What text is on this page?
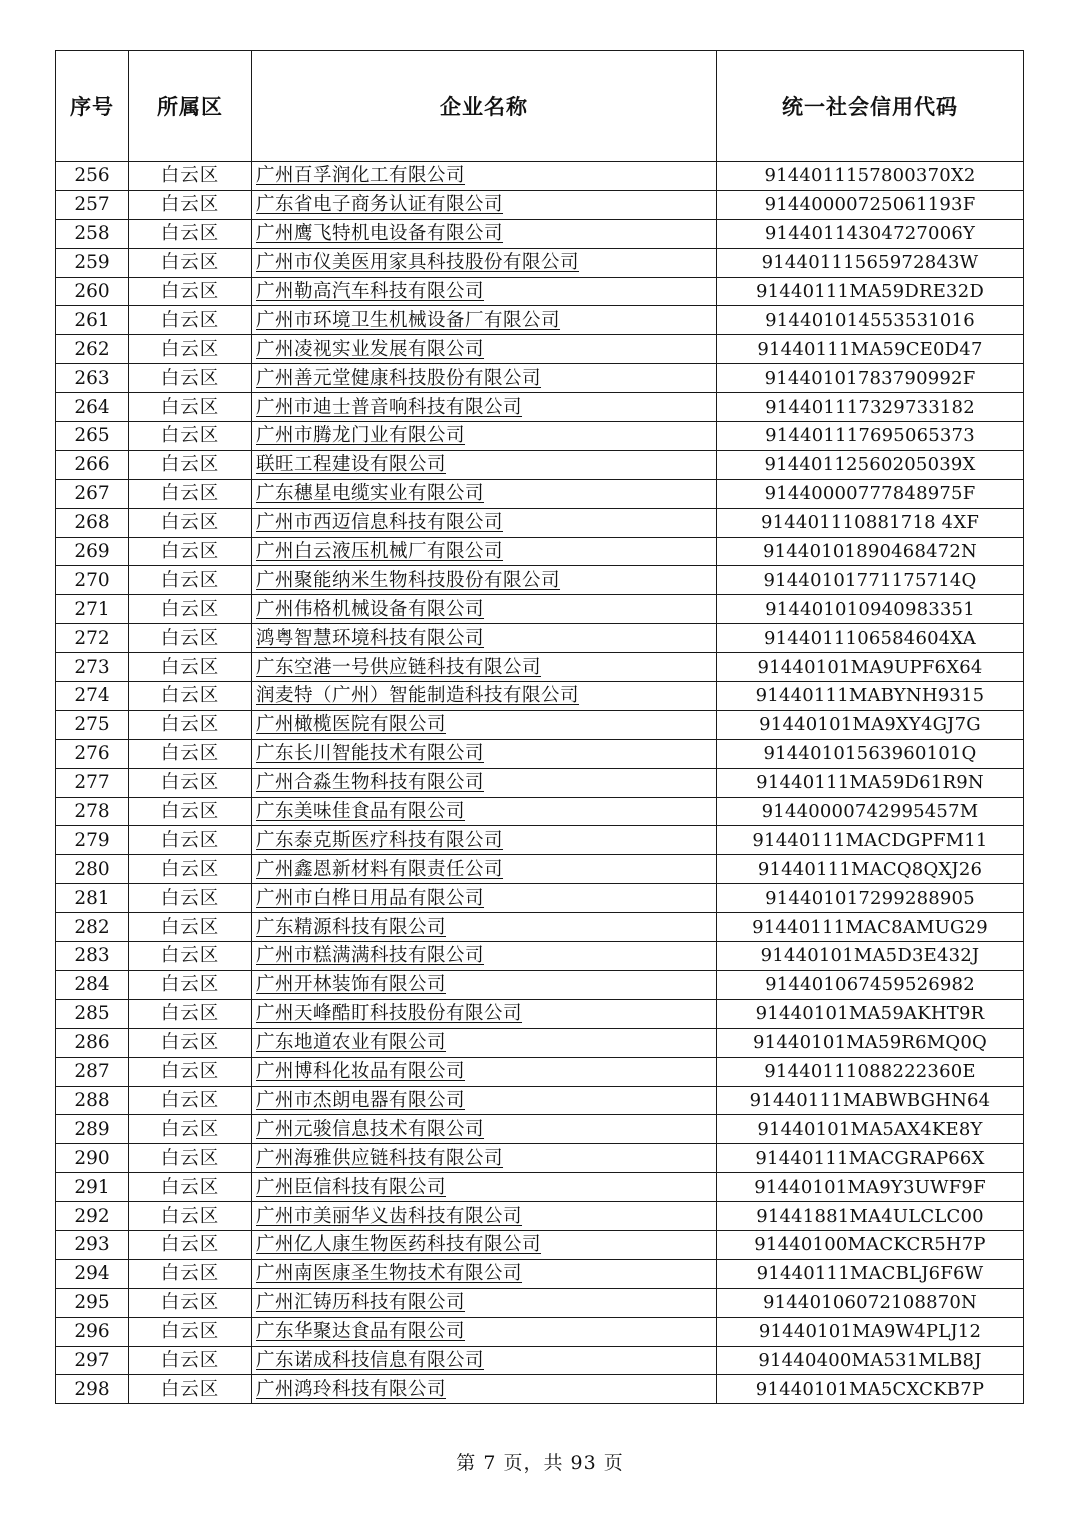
序号	所属区	企业名称	统一社会信用代码
256	白云区	广州百孚润化工有限公司	9144011157800370X2
257	白云区	广东省电子商务认证有限公司	91440000725061193F
258	白云区	广州鹰飞特机电设备有限公司	91440114304727006Y
259	白云区	广州市仪美医用家具科技股份有限公司	91440111565972843W
260	白云区	广州勒高汽车科技有限公司	91440111MA59DRE32D
261	白云区	广州市环境卫生机械设备厂有限公司	914401014553531016
262	白云区	广州凌视实业发展有限公司	91440111MA59CE0D47
263	白云区	广州善元堂健康科技股份有限公司	91440101783790992F
264	白云区	广州市迪士普音响科技有限公司	914401117329733182
265	白云区	广州市腾龙门业有限公司	914401117695065373
266	白云区	联旺工程建设有限公司	91440112560205039X
267	白云区	广东穗星电缆实业有限公司	91440000777848975F
268	白云区	广州市西迈信息科技有限公司	914401110881718 4XF
269	白云区	广州白云液压机械厂有限公司	91440101890468472N
270	白云区	广州聚能纳米生物科技股份有限公司	91440101771175714Q
271	白云区	广州伟格机械设备有限公司	914401010940983351
272	白云区	鸿粤智慧环境科技有限公司	9144011106584604XA
273	白云区	广东空港一号供应链科技有限公司	91440101MA9UPF6X64
274	白云区	润麦特（广州）智能制造科技有限公司	91440111MABYNH9315
275	白云区	广州橄榄医院有限公司	91440101MA9XY4GJ7G
276	白云区	广东长川智能技术有限公司	91440101563960101Q
277	白云区	广州合淼生物科技有限公司	91440111MA59D61R9N
278	白云区	广东美味佳食品有限公司	91440000742995457M
279	白云区	广东泰克斯医疗科技有限公司	91440111MACDGPFM11
280	白云区	广州鑫恩新材料有限责任公司	91440111MACQ8QXJ26
281	白云区	广州市白桦日用品有限公司	914401017299288905
282	白云区	广东精源科技有限公司	91440111MAC8AMUG29
283	白云区	广州市糕满满科技有限公司	91440101MA5D3E432J
284	白云区	广州开林装饰有限公司	914401067459526982
285	白云区	广州天峰酷盯科技股份有限公司	91440101MA59AKHT9R
286	白云区	广东地道农业有限公司	91440101MA59R6MQ0Q
287	白云区	广州博科化妆品有限公司	91440111088222360E
288	白云区	广州市杰朗电器有限公司	91440111MABWBGHN64
289	白云区	广州元骏信息技术有限公司	91440101MA5AX4KE8Y
290	白云区	广州海雅供应链科技有限公司	91440111MACGRAP66X
291	白云区	广州臣信科技有限公司	91440101MA9Y3UWF9F
292	白云区	广州市美丽华义齿科技有限公司	91441881MA4ULCLC00
293	白云区	广州亿人康生物医药科技有限公司	91440100MACKCR5H7P
294	白云区	广州南医康圣生物技术有限公司	91440111MACBLJ6F6W
295	白云区	广州汇铸历科技有限公司	91440106072108870N
296	白云区	广东华聚达食品有限公司	91440101MA9W4PLJ12
297	白云区	广东诺成科技信息有限公司	91440400MA531MLB8J
298	白云区	广州鸿玲科技有限公司	91440101MA5CXCKB7P
第 7 页，共 93 页
